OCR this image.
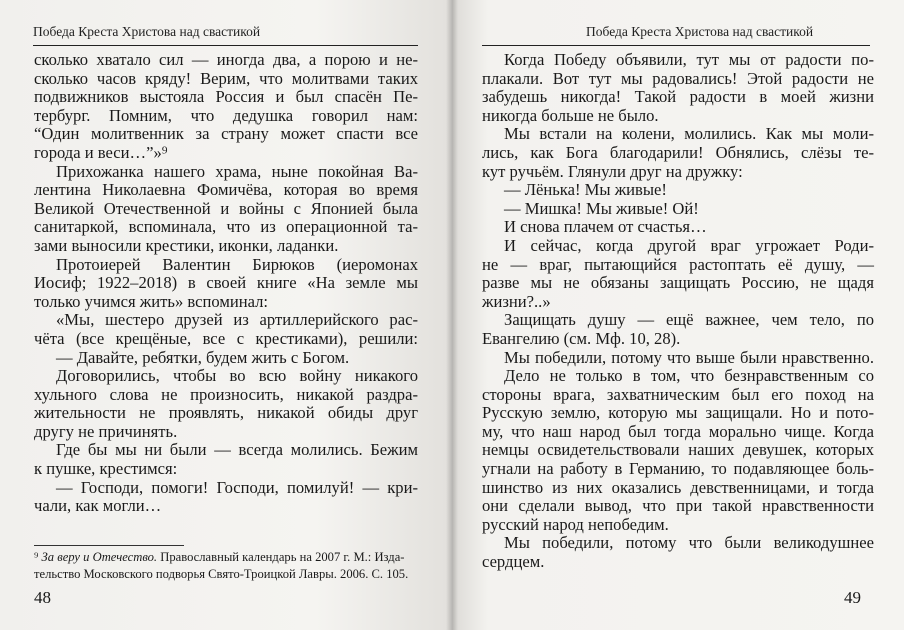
Победа Креста Христова над свастикой
сколько хватало сил — иногда два, а порою и не-
сколько часов кряду! Верим, что молитвами таких
подвижников выстояла Россия и был спасён Пе-
тербург. Помним, что дедушка говорил нам:
“Один молитвенник за страну может спасти все
города и веси…”»⁹
Прихожанка нашего храма, ныне покойная Ва-
лентина Николаевна Фомичёва, которая во время
Великой Отечественной и войны с Японией была
санитаркой, вспоминала, что из операционной та-
зами выносили крестики, иконки, ладанки.
Протоиерей Валентин Бирюков (иеромонах
Иосиф; 1922–2018) в своей книге «На земле мы
только учимся жить» вспоминал:
«Мы, шестеро друзей из артиллерийского рас-
чёта (все крещёные, все с крестиками), решили:
— Давайте, ребятки, будем жить с Богом.
Договорились, чтобы во всю войну никакого
хульного слова не произносить, никакой раздра-
жительности не проявлять, никакой обиды друг
другу не причинять.
Где бы мы ни были — всегда молились. Бежим
к пушке, крестимся:
— Господи, помоги! Господи, помилуй! — кри-
чали, как могли…
⁹ За веру и Отечество. Православный календарь на 2007 г. М.: Изда-
тельство Московского подворья Свято-Троицкой Лавры. 2006. С. 105.
48
Победа Креста Христова над свастикой
Когда Победу объявили, тут мы от радости по-
плакали. Вот тут мы радовались! Этой радости не
забудешь никогда! Такой радости в моей жизни
никогда больше не было.
Мы встали на колени, молились. Как мы моли-
лись, как Бога благодарили! Обнялись, слёзы те-
кут ручьём. Глянули друг на дружку:
— Лёнька! Мы живые!
— Мишка! Мы живые! Ой!
И снова плачем от счастья…
И сейчас, когда другой враг угрожает Роди-
не — враг, пытающийся растоптать её душу, —
разве мы не обязаны защищать Россию, не щадя
жизни?..»
Защищать душу — ещё важнее, чем тело, по
Евангелию (см. Мф. 10, 28).
Мы победили, потому что выше были нравственно.
Дело не только в том, что безнравственным со
стороны врага, захватническим был его поход на
Русскую землю, которую мы защищали. Но и пото-
му, что наш народ был тогда морально чище. Когда
немцы освидетельствовали наших девушек, которых
угнали на работу в Германию, то подавляющее боль-
шинство из них оказались девственницами, и тогда
они сделали вывод, что при такой нравственности
русский народ непобедим.
Мы победили, потому что были великодушнее
сердцем.
49
